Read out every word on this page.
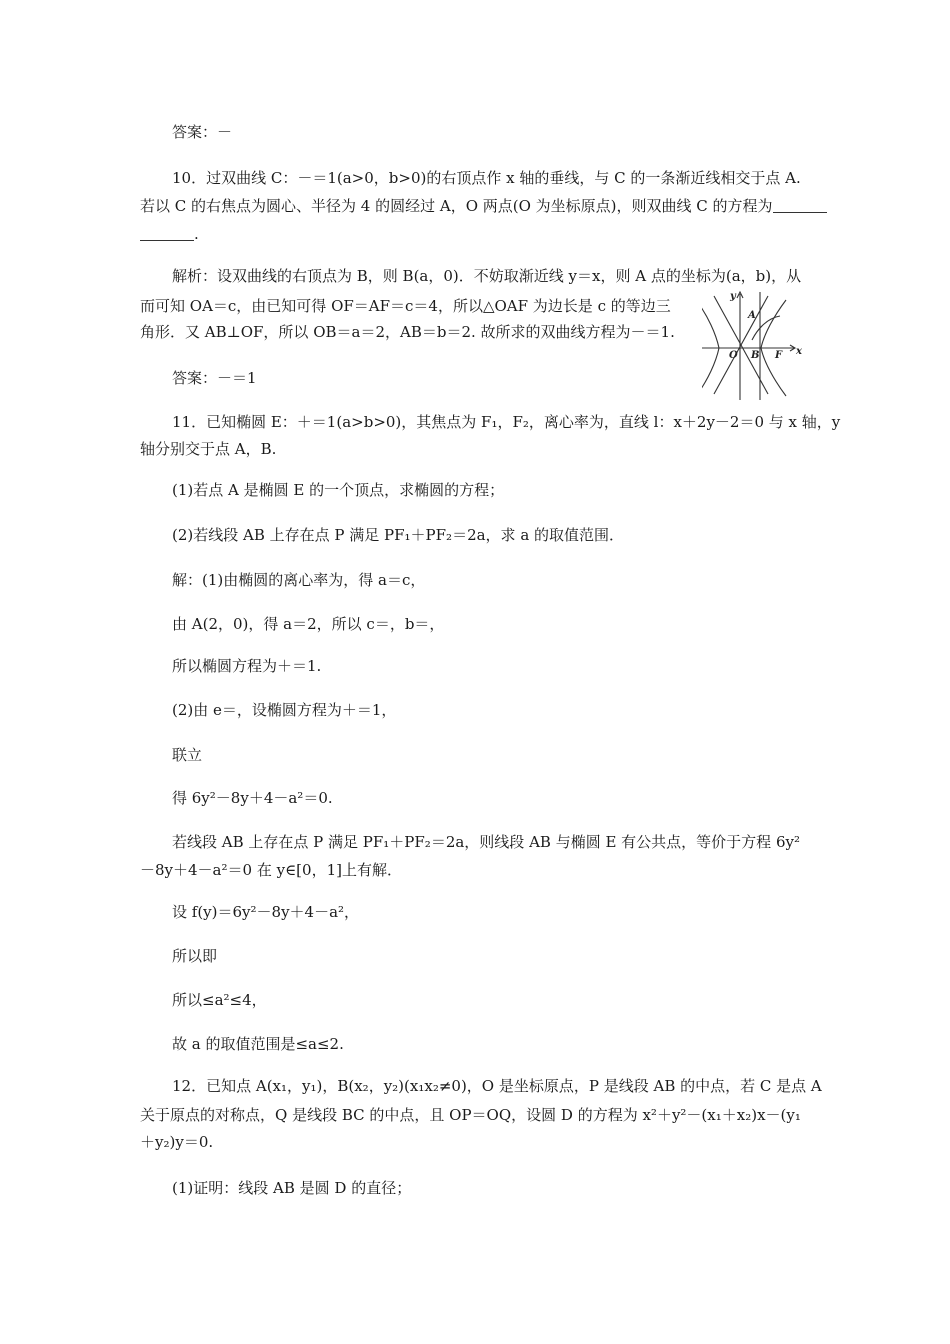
答案：－
10．过双曲线 C：－＝1(a>0，b>0)的右顶点作 x 轴的垂线，与 C 的一条渐近线相交于点 A.
若以 C 的右焦点为圆心、半径为 4 的圆经过 A，O 两点(O 为坐标原点)，则双曲线 C 的方程为
.
解析：设双曲线的右顶点为 B，则 B(a，0)．不妨取渐近线 y＝x，则 A 点的坐标为(a，b)，从
而可知 OA＝c，由已知可得 OF＝AF＝c＝4，所以△OAF 为边长是 c 的等边三
角形．又 AB⊥OF，所以 OB＝a＝2，AB＝b＝2. 故所求的双曲线方程为－＝1.
答案：－＝1
11．已知椭圆 E：＋＝1(a>b>0)，其焦点为 F₁，F₂，离心率为，直线 l：x＋2y－2＝0 与 x 轴，y
轴分别交于点 A，B.
(1)若点 A 是椭圆 E 的一个顶点，求椭圆的方程；
(2)若线段 AB 上存在点 P 满足 PF₁＋PF₂＝2a，求 a 的取值范围．
解：(1)由椭圆的离心率为，得 a＝c，
由 A(2，0)，得 a＝2，所以 c＝，b＝，
所以椭圆方程为＋＝1.
(2)由 e＝，设椭圆方程为＋＝1，
联立
得 6y²－8y＋4－a²＝0.
若线段 AB 上存在点 P 满足 PF₁＋PF₂＝2a，则线段 AB 与椭圆 E 有公共点，等价于方程 6y²
－8y＋4－a²＝0 在 y∈[0，1]上有解．
设 f(y)＝6y²－8y＋4－a²，
所以即
所以≤a²≤4，
故 a 的取值范围是≤a≤2.
12．已知点 A(x₁，y₁)，B(x₂，y₂)(x₁x₂≠0)，O 是坐标原点，P 是线段 AB 的中点，若 C 是点 A
关于原点的对称点，Q 是线段 BC 的中点，且 OP＝OQ，设圆 D 的方程为 x²＋y²－(x₁＋x₂)x－(y₁
＋y₂)y＝0.
(1)证明：线段 AB 是圆 D 的直径；
y
x
A
O B F
